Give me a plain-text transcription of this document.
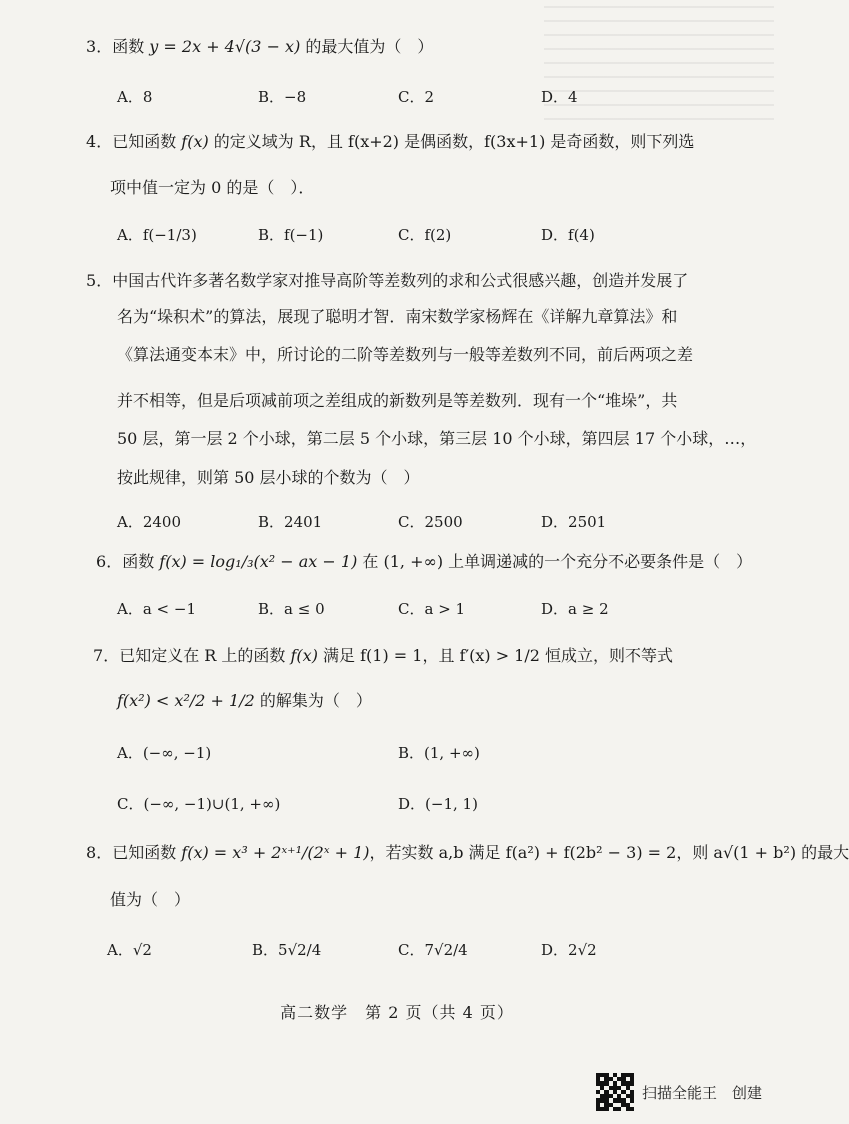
3．函数 y = 2x + 4√(3 − x) 的最大值为（　）
A．8	B．−8	C．2	D．4
4．已知函数 f(x) 的定义域为 R，且 f(x+2) 是偶函数，f(3x+1) 是奇函数，则下列选
项中值一定为 0 的是（　）．
A．f(−1/3)	B．f(−1)	C．f(2)	D．f(4)
5．中国古代许多著名数学家对推导高阶等差数列的求和公式很感兴趣，创造并发展了
名为“垛积术”的算法，展现了聪明才智．南宋数学家杨辉在《详解九章算法》和
《算法通变本末》中，所讨论的二阶等差数列与一般等差数列不同，前后两项之差
并不相等，但是后项减前项之差组成的新数列是等差数列．现有一个“堆垛”，共
50 层，第一层 2 个小球，第二层 5 个小球，第三层 10 个小球，第四层 17 个小球，…，
按此规律，则第 50 层小球的个数为（　）
A．2400	B．2401	C．2500	D．2501
6．函数 f(x) = log₁/₃(x² − ax − 1) 在 (1, +∞) 上单调递减的一个充分不必要条件是（　）
A．a < −1	B．a ≤ 0	C．a > 1	D．a ≥ 2
7．已知定义在 R 上的函数 f(x) 满足 f(1) = 1，且 f′(x) > 1/2 恒成立，则不等式
f(x²) < x²/2 + 1/2 的解集为（　）
A．(−∞, −1)	B．(1, +∞)
C．(−∞, −1)∪(1, +∞)	D．(−1, 1)
8．已知函数 f(x) = x³ + 2ˣ⁺¹/(2ˣ + 1)，若实数 a,b 满足 f(a²) + f(2b² − 3) = 2，则 a√(1 + b²) 的最大
值为（　）
A．√2	B．5√2/4	C．7√2/4	D．2√2
高二数学　第 2 页（共 4 页）
扫描全能王　创建
